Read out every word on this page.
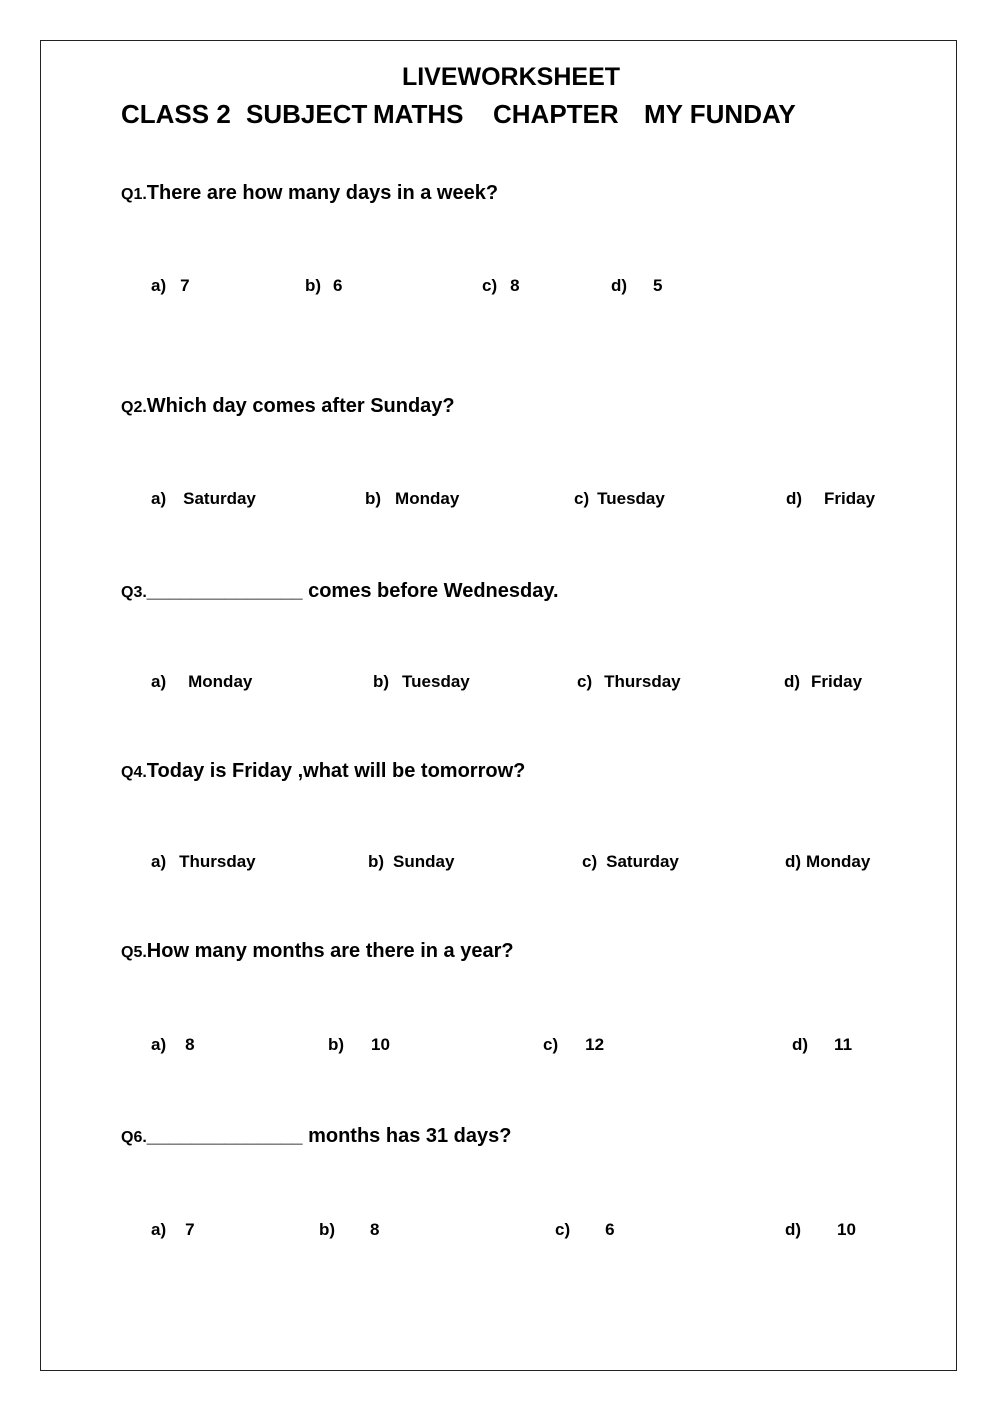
LIVEWORKSHEET

CLASS 2

SUBJECT

MATHS

CHAPTER

MY FUNDAY

Q1.There are how many days in a week?
a) 7	b) 6	c) 8	d) 5
Q2.Which day comes after Sunday?
a) Saturday	b) Monday	c) Tuesday	d) Friday
Q3.______________ comes before Wednesday.
a) Monday	b) Tuesday	c) Thursday	d) Friday
Q4.Today is Friday ,what will be tomorrow?
a) Thursday	b) Sunday	c) Saturday	d) Monday
Q5.How many months are there in a year?
a) 8	b) 10	c) 12	d) 11
Q6.______________ months has 31 days?
a) 7	b) 8	c) 6	d) 10
